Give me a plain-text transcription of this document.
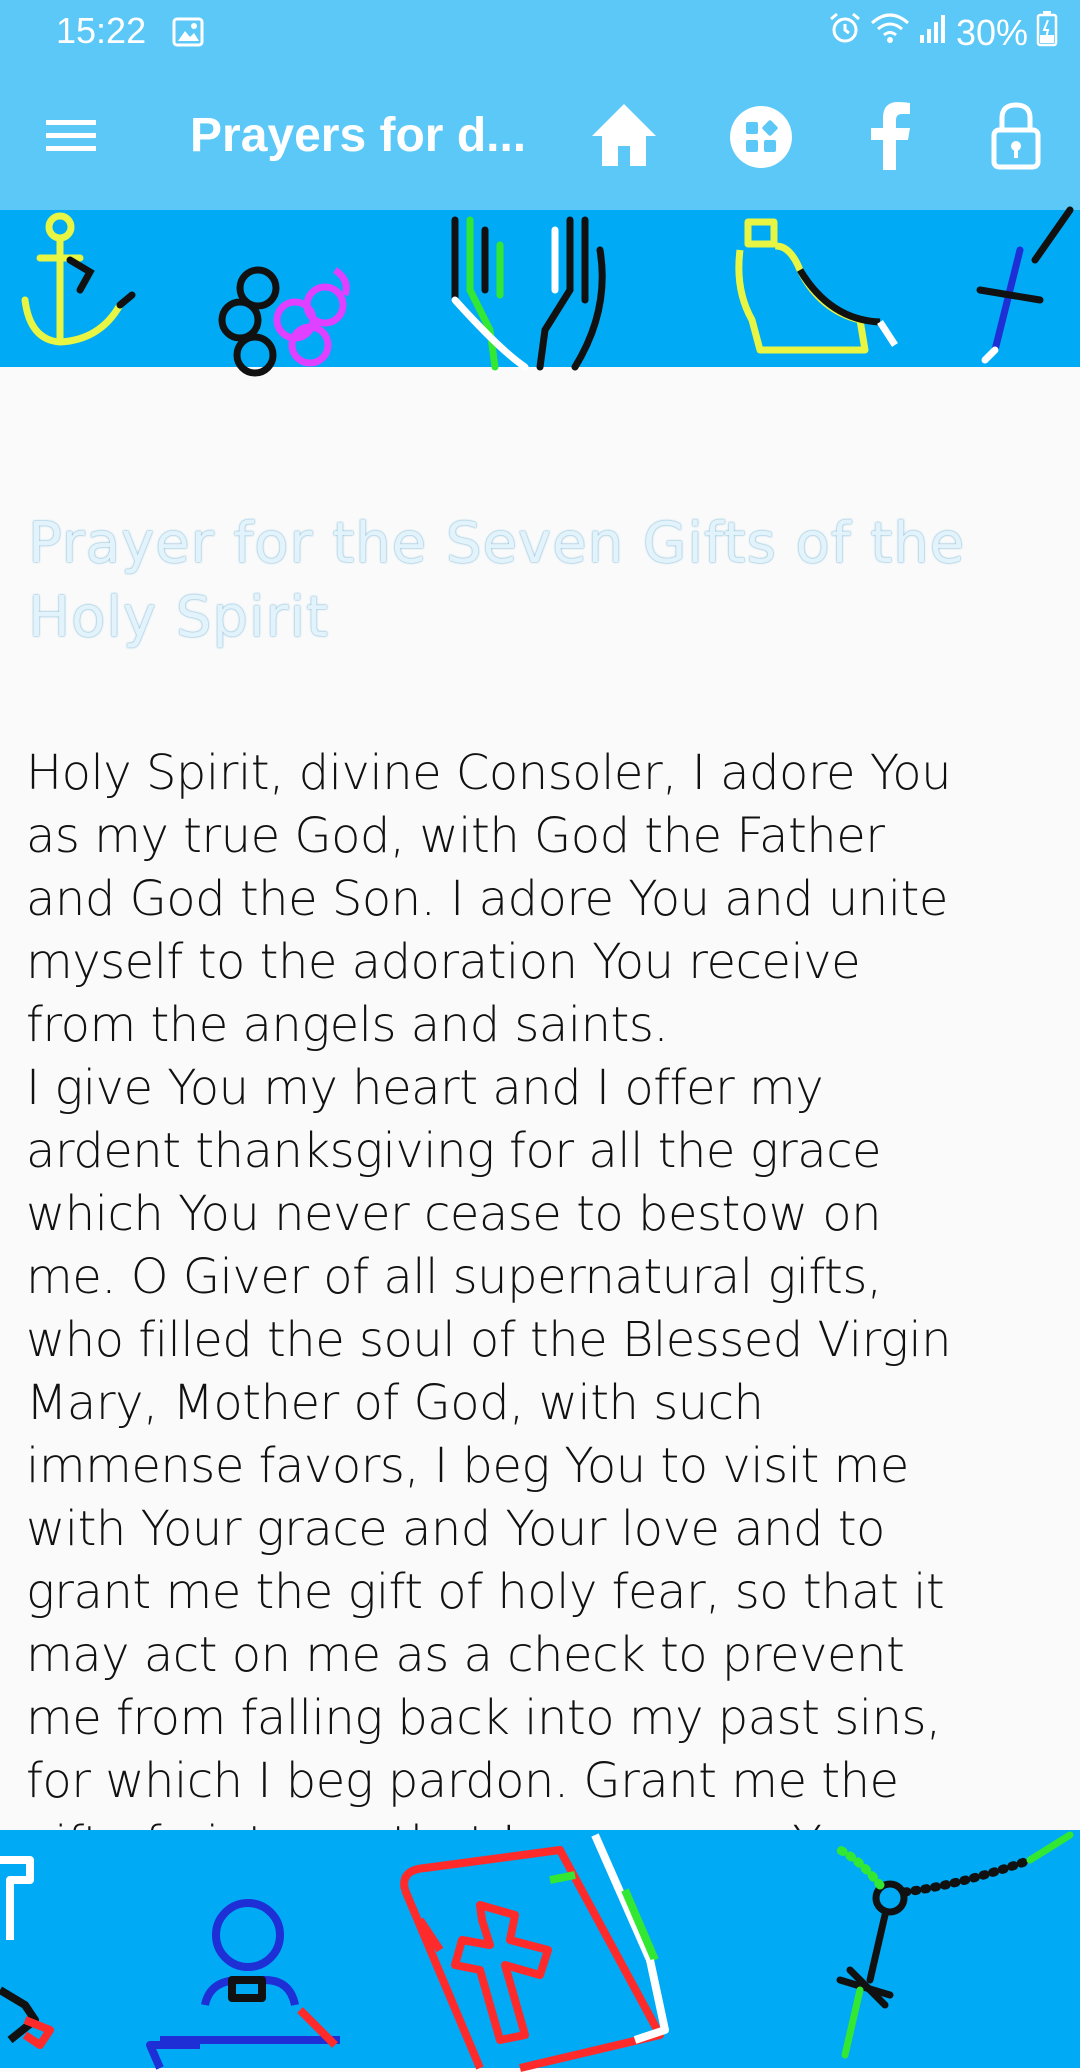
15:22	30%
Prayers for d...
Prayer for the Seven Gifts of the Holy Spirit

Holy Spirit, divine Consoler, I adore You as my true God, with God the Father and God the Son. I adore You and unite myself to the adoration You receive from the angels and saints.
I give You my heart and I offer my ardent thanksgiving for all the grace which You never cease to bestow on me. O Giver of all supernatural gifts, who filled the soul of the Blessed Virgin Mary, Mother of God, with such immense favors, I beg You to visit me with Your grace and Your love and to grant me the gift of holy fear, so that it may act on me as a check to prevent me from falling back into my past sins, for which I beg pardon. Grant me the
